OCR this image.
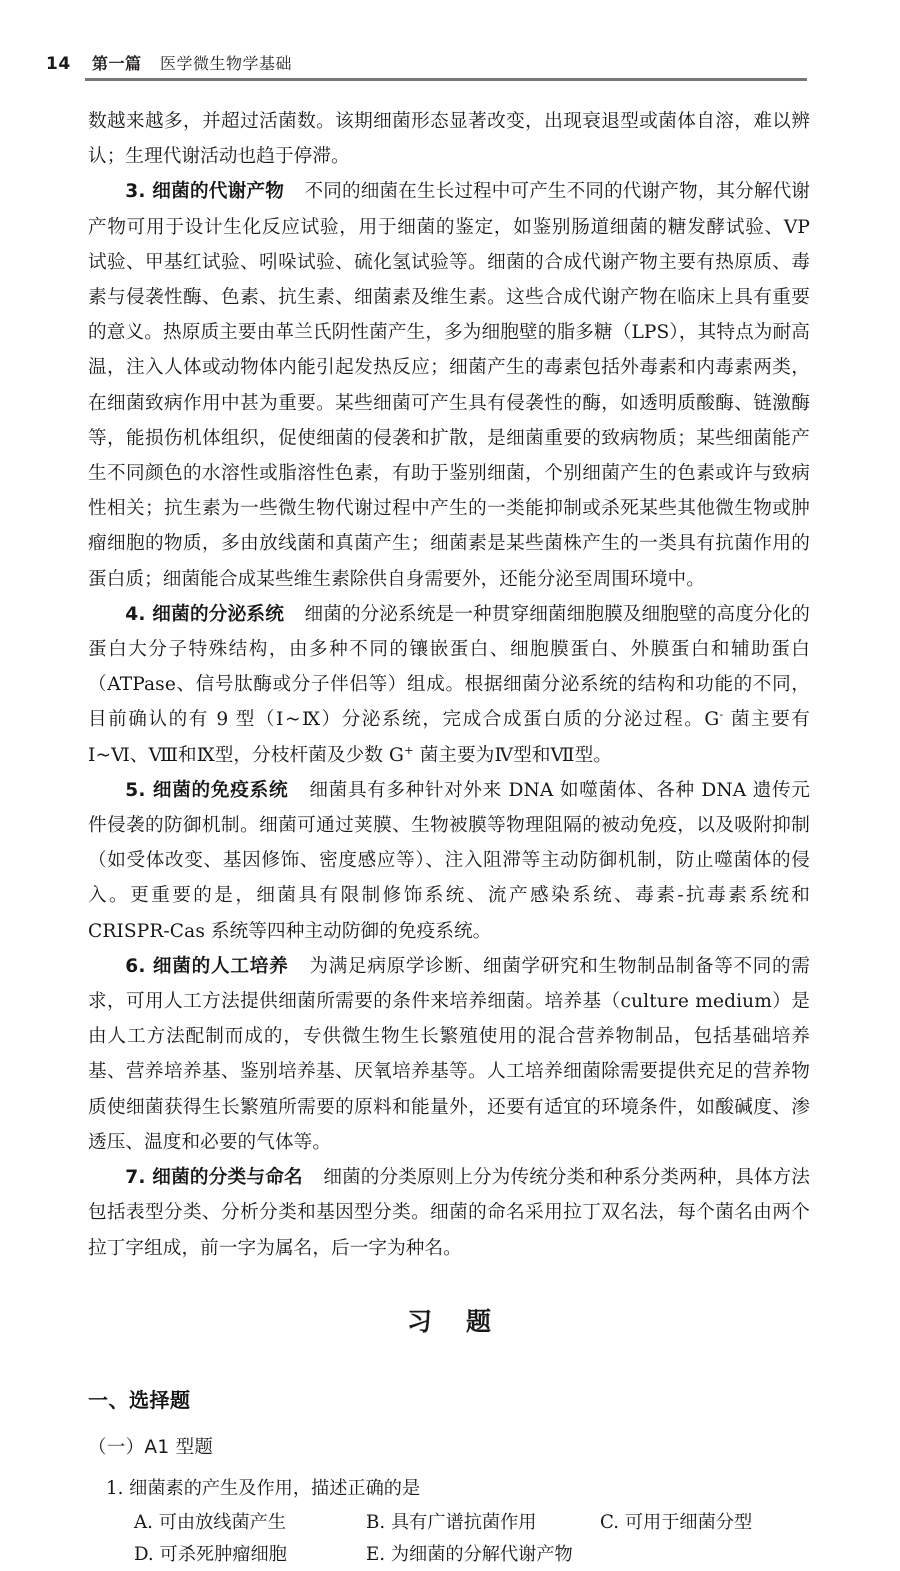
14 第一篇 医学微生物学基础

数越来越多，并超过活菌数。该期细菌形态显著改变，出现衰退型或菌体自溶，难以辨认；生理代谢活动也趋于停滞。

3. 细菌的代谢产物 不同的细菌在生长过程中可产生不同的代谢产物，其分解代谢产物可用于设计生化反应试验，用于细菌的鉴定，如鉴别肠道细菌的糖发酵试验、VP 试验、甲基红试验、吲哚试验、硫化氢试验等。细菌的合成代谢产物主要有热原质、毒素与侵袭性酶、色素、抗生素、细菌素及维生素。这些合成代谢产物在临床上具有重要的意义。热原质主要由革兰氏阴性菌产生，多为细胞壁的脂多糖（LPS），其特点为耐高温，注入人体或动物体内能引起发热反应；细菌产生的毒素包括外毒素和内毒素两类，在细菌致病作用中甚为重要。某些细菌可产生具有侵袭性的酶，如透明质酸酶、链激酶等，能损伤机体组织，促使细菌的侵袭和扩散，是细菌重要的致病物质；某些细菌能产生不同颜色的水溶性或脂溶性色素，有助于鉴别细菌，个别细菌产生的色素或许与致病性相关；抗生素为一些微生物代谢过程中产生的一类能抑制或杀死某些其他微生物或肿瘤细胞的物质，多由放线菌和真菌产生；细菌素是某些菌株产生的一类具有抗菌作用的蛋白质；细菌能合成某些维生素除供自身需要外，还能分泌至周围环境中。

4. 细菌的分泌系统 细菌的分泌系统是一种贯穿细菌细胞膜及细胞壁的高度分化的蛋白大分子特殊结构，由多种不同的镶嵌蛋白、细胞膜蛋白、外膜蛋白和辅助蛋白（ATPase、信号肽酶或分子伴侣等）组成。根据细菌分泌系统的结构和功能的不同，目前确认的有 9 型（Ⅰ~Ⅸ）分泌系统，完成合成蛋白质的分泌过程。G- 菌主要有Ⅰ~Ⅵ、Ⅷ和Ⅸ型，分枝杆菌及少数 G+ 菌主要为Ⅳ型和Ⅶ型。

5. 细菌的免疫系统 细菌具有多种针对外来 DNA 如噬菌体、各种 DNA 遗传元件侵袭的防御机制。细菌可通过荚膜、生物被膜等物理阻隔的被动免疫，以及吸附抑制（如受体改变、基因修饰、密度感应等）、注入阻滞等主动防御机制，防止噬菌体的侵入。更重要的是，细菌具有限制修饰系统、流产感染系统、毒素-抗毒素系统和 CRISPR-Cas 系统等四种主动防御的免疫系统。

6. 细菌的人工培养 为满足病原学诊断、细菌学研究和生物制品制备等不同的需求，可用人工方法提供细菌所需要的条件来培养细菌。培养基（culture medium）是由人工方法配制而成的，专供微生物生长繁殖使用的混合营养物制品，包括基础培养基、营养培养基、鉴别培养基、厌氧培养基等。人工培养细菌除需要提供充足的营养物质使细菌获得生长繁殖所需要的原料和能量外，还要有适宜的环境条件，如酸碱度、渗透压、温度和必要的气体等。

7. 细菌的分类与命名 细菌的分类原则上分为传统分类和种系分类两种，具体方法包括表型分类、分析分类和基因型分类。细菌的命名采用拉丁双名法，每个菌名由两个拉丁字组成，前一字为属名，后一字为种名。

习 题
一、选择题
（一）A1 型题
1. 细菌素的产生及作用，描述正确的是
A. 可由放线菌产生	B. 具有广谱抗菌作用	C. 可用于细菌分型
D. 可杀死肿瘤细胞	E. 为细菌的分解代谢产物
